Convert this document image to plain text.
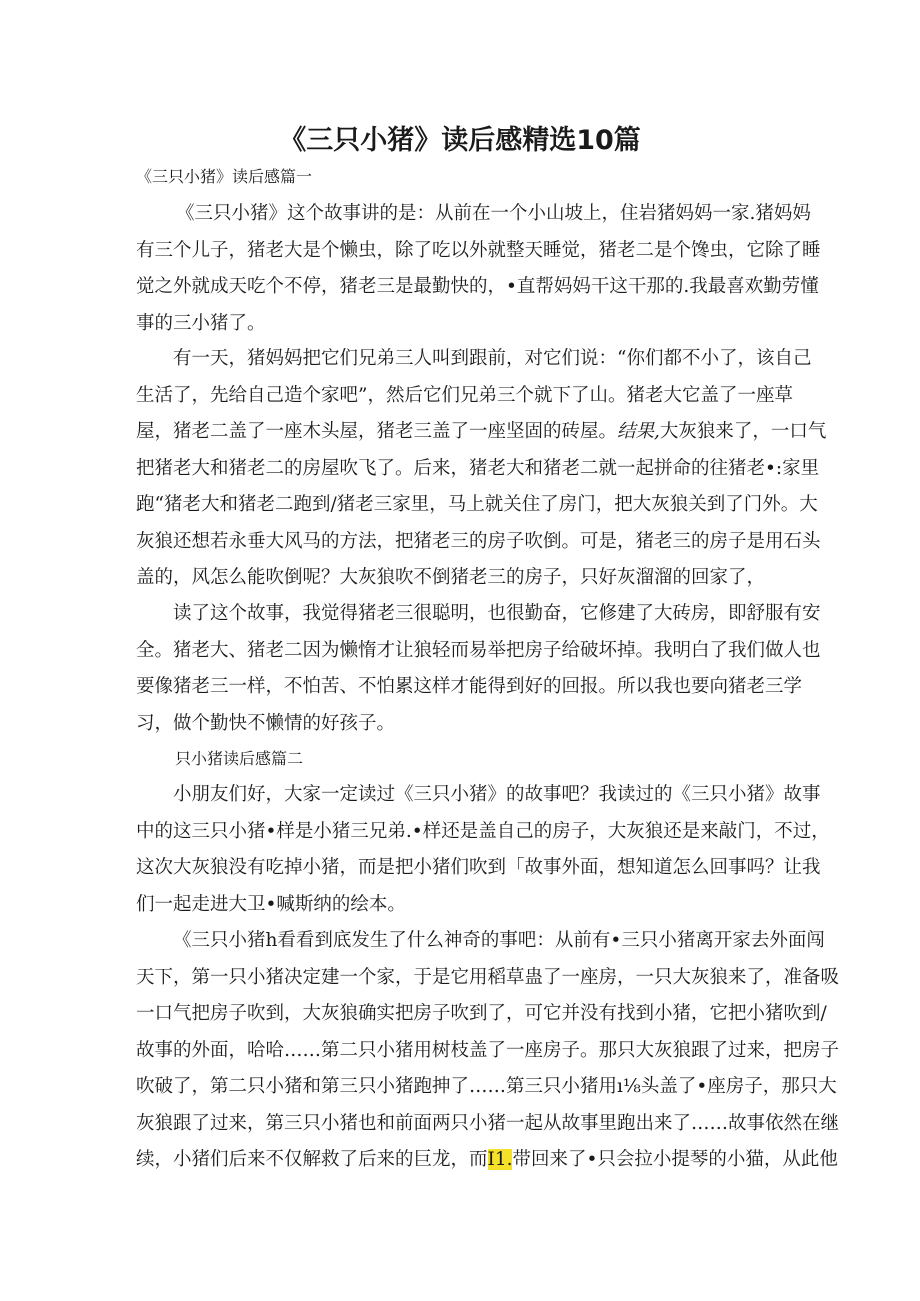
《三只小猪》读后感精选10篇

《三只小猪》读后感篇一

《三只小猪》这个故事讲的是：从前在一个小山坡上，住岩猪妈妈一家.猪妈妈
有三个儿子，猪老大是个懒虫，除了吃以外就整天睡觉，猪老二是个馋虫，它除了睡
觉之外就成天吃个不停，猪老三是最勤快的，•直帮妈妈干这干那的.我最喜欢勤劳懂
事的三小猪了。
有一天，猪妈妈把它们兄弟三人叫到跟前，对它们说：“你们都不小了，该自己
生活了，先给自己造个家吧”，然后它们兄弟三个就下了山。猪老大它盖了一座草
屋，猪老二盖了一座木头屋，猪老三盖了一座坚固的砖屋。结果,大灰狼来了，一口气
把猪老大和猪老二的房屋吹飞了。后来，猪老大和猪老二就一起拼命的往猪老•:家里
跑“猪老大和猪老二跑到/猪老三家里，马上就关住了房门，把大灰狼关到了门外。大
灰狼还想若永垂大风马的方法，把猪老三的房子吹倒。可是，猪老三的房子是用石头
盖的，风怎么能吹倒呢？大灰狼吹不倒猪老三的房子，只好灰溜溜的回家了，
读了这个故事，我觉得猪老三很聪明，也很勤奋，它修建了大砖房，即舒服有安
全。猪老大、猪老二因为懒惰才让狼轻而易举把房子给破坏掉。我明白了我们做人也
要像猪老三一样，不怕苦、不怕累这样才能得到好的回报。所以我也要向猪老三学
习，做个勤快不懒情的好孩子。

只小猪读后感篇二

小朋友们好，大家一定读过《三只小猪》的故事吧？我读过的《三只小猪》故事
中的这三只小猪•样是小猪三兄弟.•样还是盖自己的房子，大灰狼还是来敲门，不过，
这次大灰狼没有吃掉小猪，而是把小猪们吹到「故事外面，想知道怎么回事吗？让我
们一起走进大卫•喊斯纳的绘本。
《三只小猪h看看到底发生了什么神奇的事吧：从前有•三只小猪离开家去外面闯
天下，第一只小猪决定建一个家，于是它用稻草蛊了一座房，一只大灰狼来了，准备吸
一口气把房子吹到，大灰狼确实把房子吹到了，可它并没有找到小猪，它把小猪吹到/
故事的外面，哈哈……第二只小猪用树枝盖了一座房子。那只大灰狼跟了过来，把房子
吹破了，第二只小猪和第三只小猪跑抻了……第三只小猪用ı⅛头盖了•座房子，那只大
灰狼跟了过来，第三只小猪也和前面两只小猪一起从故事里跑出来了……故事依然在继
续，小猪们后来不仅解救了后来的巨龙，而I1.带回来了•只会拉小提琴的小猫，从此他
